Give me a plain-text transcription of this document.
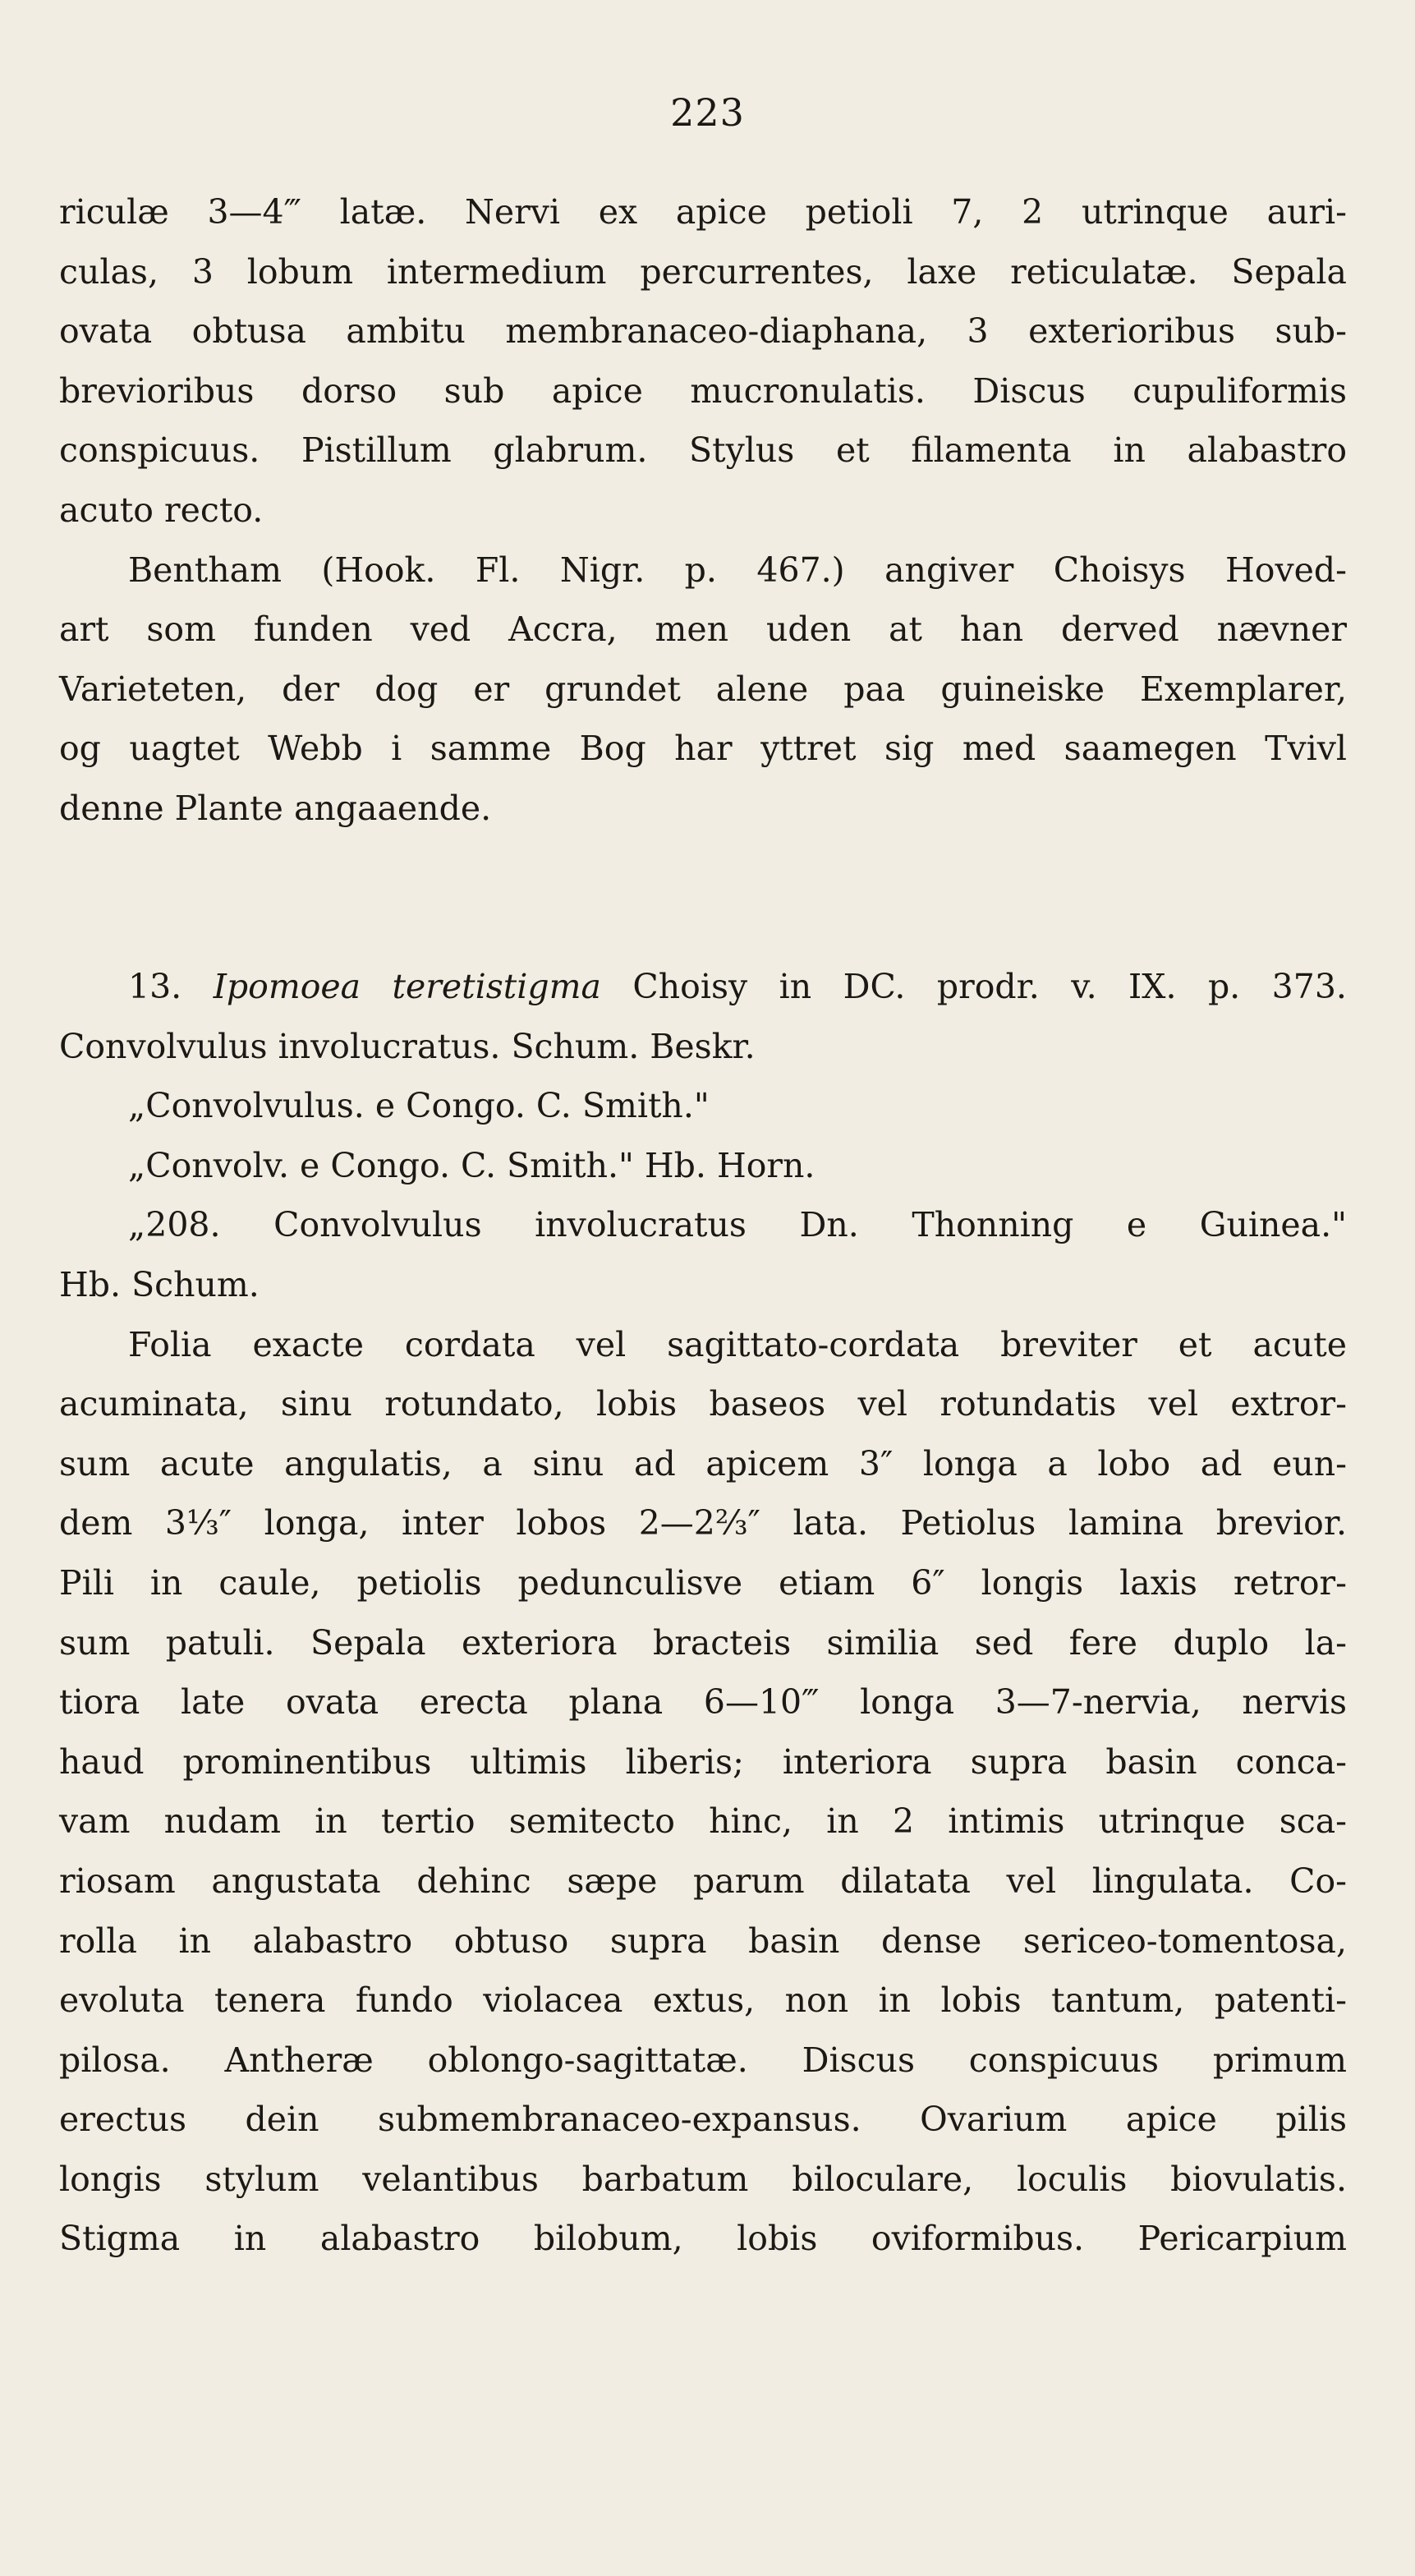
223
riculæ 3—4‴ latæ. Nervi ex apice petioli 7, 2 utrinque auri-
culas, 3 lobum intermedium percurrentes, laxe reticulatæ. Sepala
ovata obtusa ambitu membranaceo-diaphana, 3 exterioribus sub-
brevioribus dorso sub apice mucronulatis. Discus cupuliformis
conspicuus. Pistillum glabrum. Stylus et filamenta in alabastro
acuto recto.
Bentham (Hook. Fl. Nigr. p. 467.) angiver Choisys Hoved-
art som funden ved Accra, men uden at han derved nævner
Varieteten, der dog er grundet alene paa guineiske Exemplarer,
og uagtet Webb i samme Bog har yttret sig med saamegen Tvivl
denne Plante angaaende.
13. Ipomoea teretistigma Choisy in DC. prodr. v. IX. p. 373.
Convolvulus involucratus. Schum. Beskr.
„Convolvulus. e Congo. C. Smith."
„Convolv. e Congo. C. Smith." Hb. Horn.
„208. Convolvulus involucratus Dn. Thonning e Guinea."
Hb. Schum.
Folia exacte cordata vel sagittato-cordata breviter et acute
acuminata, sinu rotundato, lobis baseos vel rotundatis vel extror-
sum acute angulatis, a sinu ad apicem 3″ longa a lobo ad eun-
dem 3⅓″ longa, inter lobos 2—2⅔″ lata. Petiolus lamina brevior.
Pili in caule, petiolis pedunculisve etiam 6″ longis laxis retror-
sum patuli. Sepala exteriora bracteis similia sed fere duplo la-
tiora late ovata erecta plana 6—10‴ longa 3—7-nervia, nervis
haud prominentibus ultimis liberis; interiora supra basin conca-
vam nudam in tertio semitecto hinc, in 2 intimis utrinque sca-
riosam angustata dehinc sæpe parum dilatata vel lingulata. Co-
rolla in alabastro obtuso supra basin dense sericeo-tomentosa,
evoluta tenera fundo violacea extus, non in lobis tantum, patenti-
pilosa. Antheræ oblongo-sagittatæ. Discus conspicuus primum
erectus dein submembranaceo-expansus. Ovarium apice pilis
longis stylum velantibus barbatum biloculare, loculis biovulatis.
Stigma in alabastro bilobum, lobis oviformibus. Pericarpium
